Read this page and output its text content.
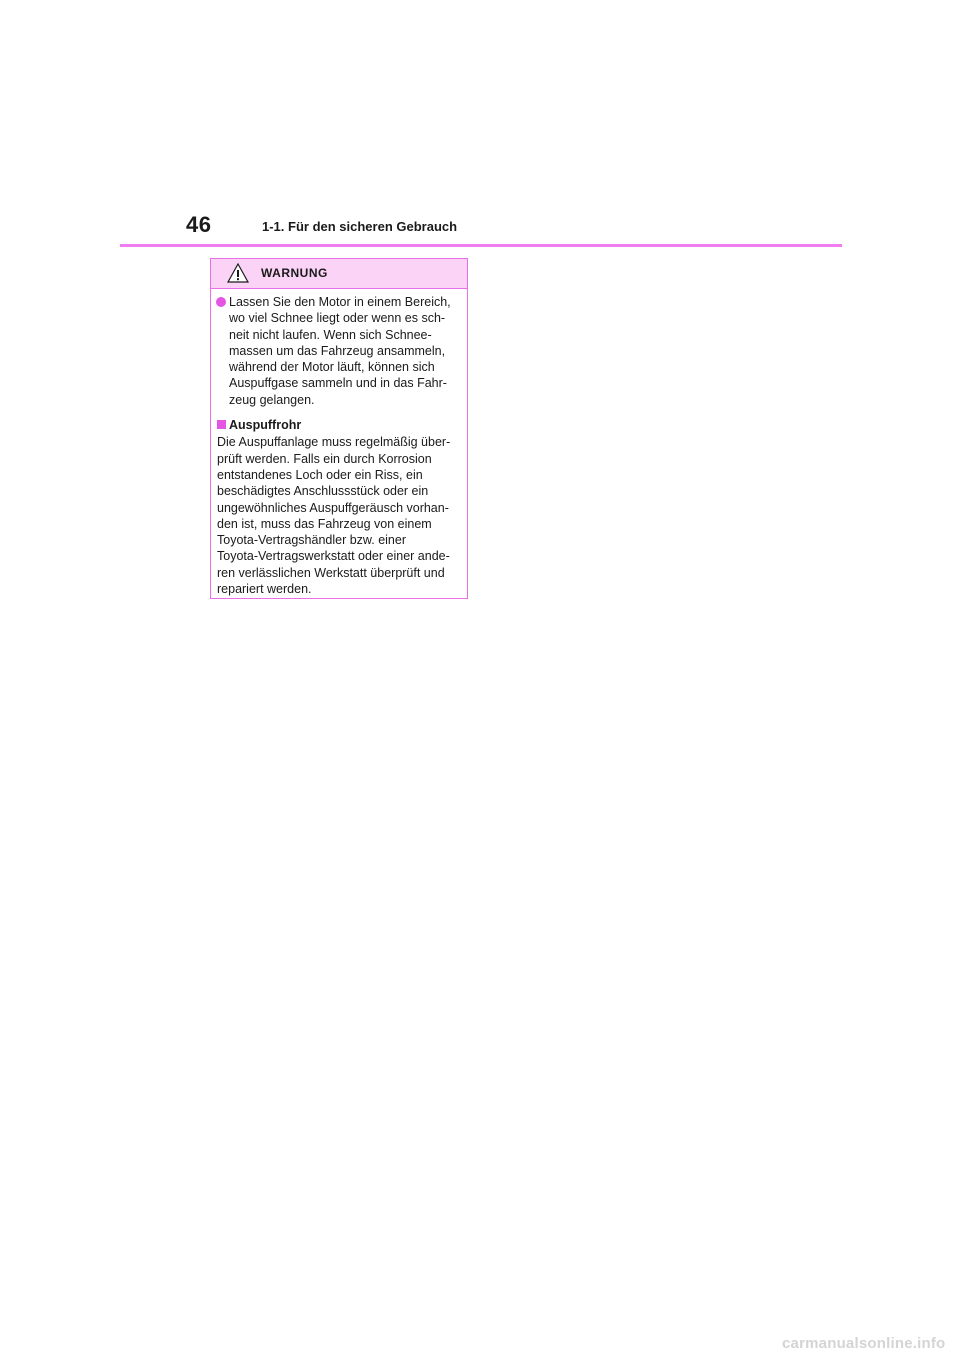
46	1-1. Für den sicheren Gebrauch
WARNUNG
Lassen Sie den Motor in einem Bereich,
wo viel Schnee liegt oder wenn es sch-
neit nicht laufen. Wenn sich Schnee-
massen um das Fahrzeug ansammeln,
während der Motor läuft, können sich
Auspuffgase sammeln und in das Fahr-
zeug gelangen.
Auspuffrohr
Die Auspuffanlage muss regelmäßig über-
prüft werden. Falls ein durch Korrosion
entstandenes Loch oder ein Riss, ein
beschädigtes Anschlussstück oder ein
ungewöhnliches Auspuffgeräusch vorhan-
den ist, muss das Fahrzeug von einem
Toyota-Vertragshändler bzw. einer
Toyota-Vertragswerkstatt oder einer ande-
ren verlässlichen Werkstatt überprüft und
repariert werden.
carmanualsonline.info
